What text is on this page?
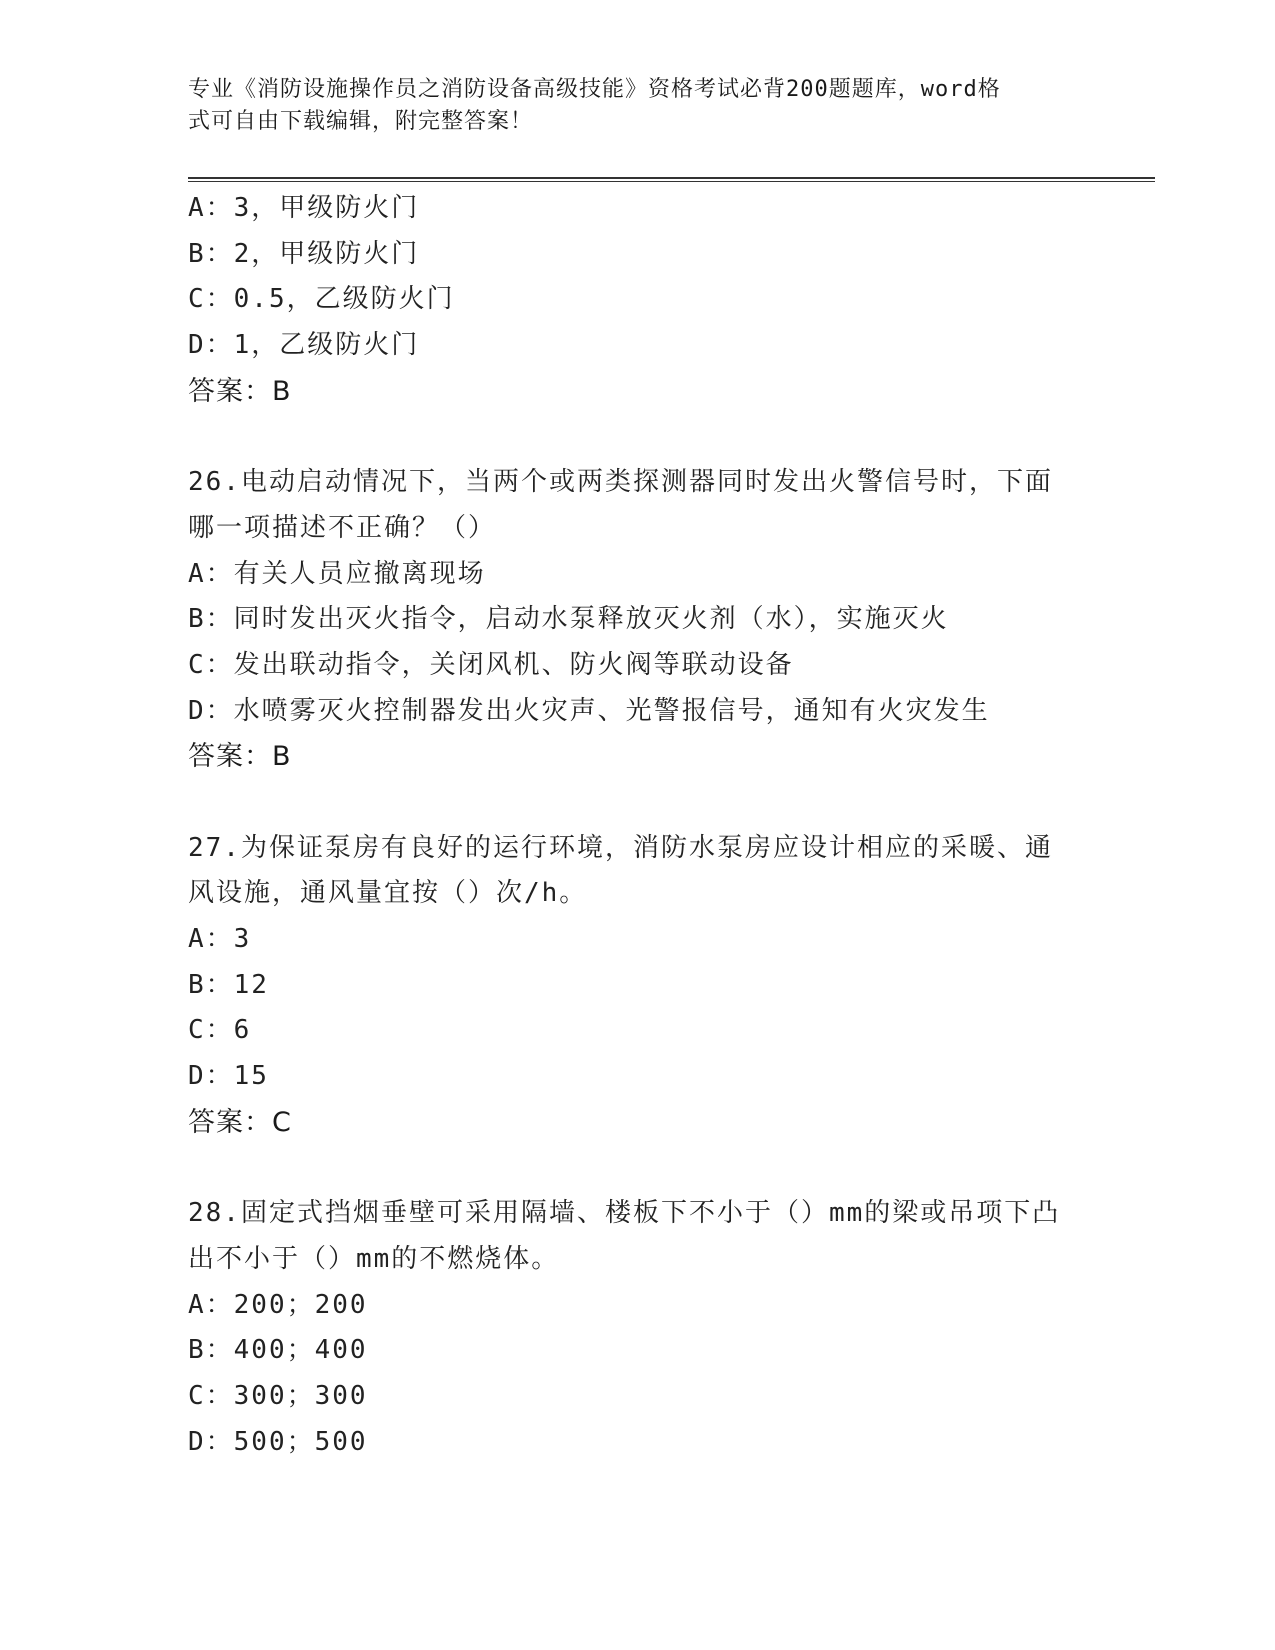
专业《消防设施操作员之消防设备高级技能》资格考试必背200题题库，word格
式可自由下载编辑，附完整答案！
A：3，甲级防火门
B：2，甲级防火门
C：0.5，乙级防火门
D：1，乙级防火门
答案：B
26.电动启动情况下，当两个或两类探测器同时发出火警信号时，下面
哪一项描述不正确？（）
A：有关人员应撤离现场
B：同时发出灭火指令，启动水泵释放灭火剂（水），实施灭火
C：发出联动指令，关闭风机、防火阀等联动设备
D：水喷雾灭火控制器发出火灾声、光警报信号，通知有火灾发生
答案：B
27.为保证泵房有良好的运行环境，消防水泵房应设计相应的采暖、通
风设施，通风量宜按（）次/h。
A：3
B：12
C：6
D：15
答案：C
28.固定式挡烟垂壁可采用隔墙、楼板下不小于（）mm的梁或吊项下凸
出不小于（）mm的不燃烧体。
A：200；200
B：400；400
C：300；300
D：500；500
